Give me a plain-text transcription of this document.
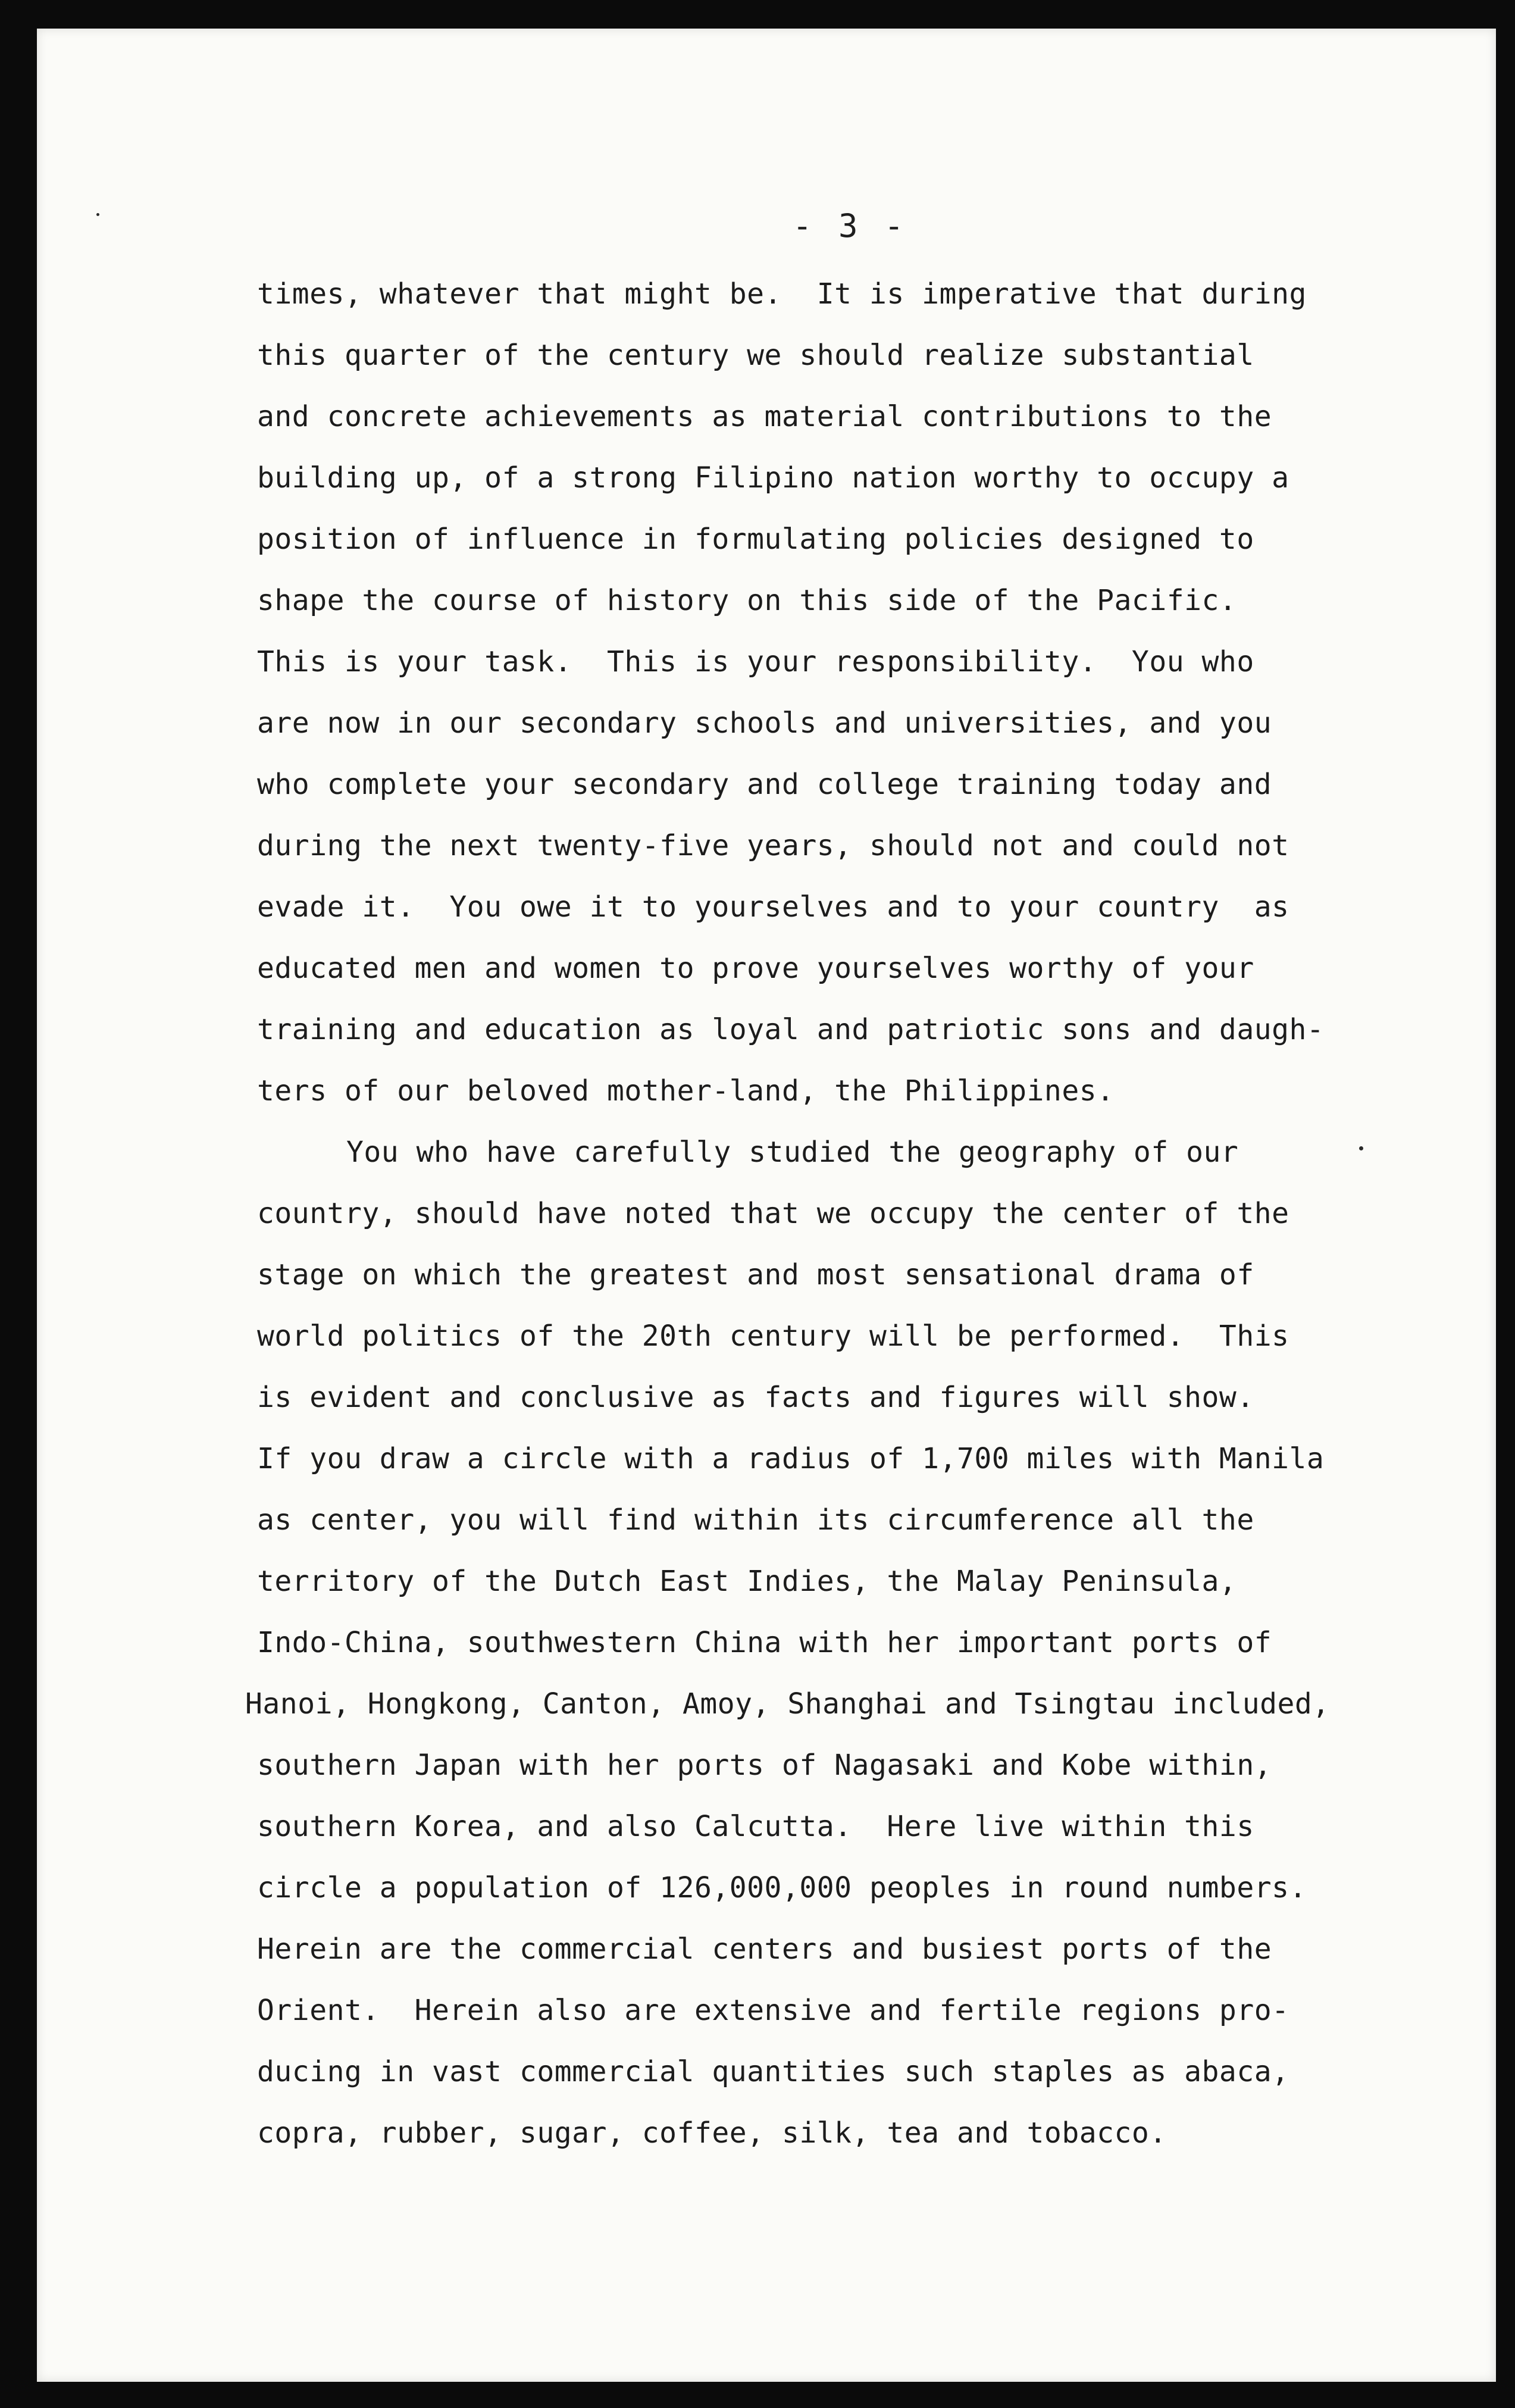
- 3 -
times, whatever that might be.  It is imperative that during
this quarter of the century we should realize substantial
and concrete achievements as material contributions to the
building up, of a strong Filipino nation worthy to occupy a
position of influence in formulating policies designed to
shape the course of history on this side of the Pacific.
This is your task.  This is your responsibility.  You who
are now in our secondary schools and universities, and you
who complete your secondary and college training today and
during the next twenty-five years, should not and could not
evade it.  You owe it to yourselves and to your country  as
educated men and women to prove yourselves worthy of your
training and education as loyal and patriotic sons and daugh-
ters of our beloved mother-land, the Philippines.
You who have carefully studied the geography of our
country, should have noted that we occupy the center of the
stage on which the greatest and most sensational drama of
world politics of the 20th century will be performed.  This
is evident and conclusive as facts and figures will show.
If you draw a circle with a radius of 1,700 miles with Manila
as center, you will find within its circumference all the
territory of the Dutch East Indies, the Malay Peninsula,
Indo-China, southwestern China with her important ports of
Hanoi, Hongkong, Canton, Amoy, Shanghai and Tsingtau included,
southern Japan with her ports of Nagasaki and Kobe within,
southern Korea, and also Calcutta.  Here live within this
circle a population of 126,000,000 peoples in round numbers.
Herein are the commercial centers and busiest ports of the
Orient.  Herein also are extensive and fertile regions pro-
ducing in vast commercial quantities such staples as abaca,
copra, rubber, sugar, coffee, silk, tea and tobacco.
